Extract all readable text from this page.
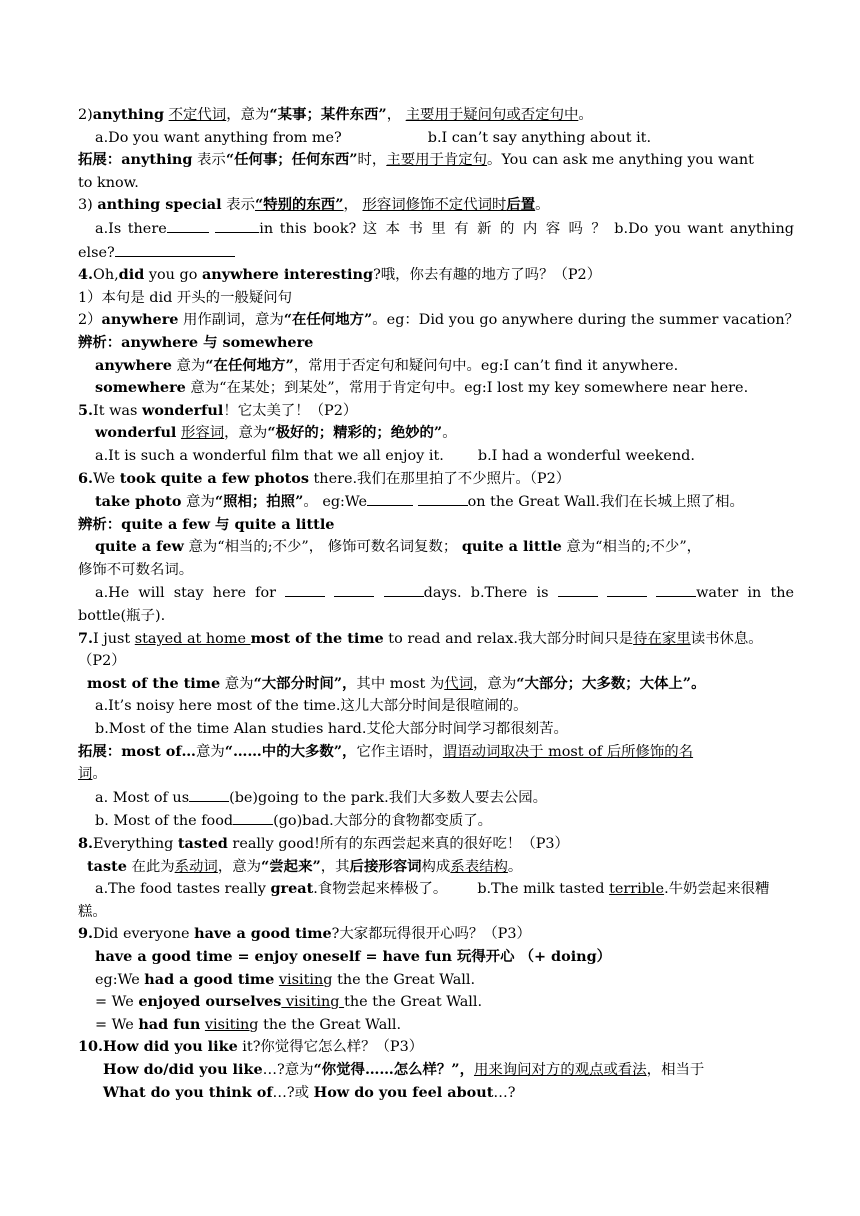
2)anything 不定代词，意为“某事；某件东西”， 主要用于疑问句或否定句中。
a.Do you want anything from me?	b.I can’t say anything about it.
拓展：anything 表示“任何事；任何东西”时，主要用于肯定句。You can ask me anything you want
to know.
3) anthing special 表示“特别的东西”， 形容词修饰不定代词时后置。
a.Is there	in this book? 这 本 书 里 有 新 的 内 容 吗 ？ b.Do you want anything
else?
4.Oh,did you go anywhere interesting?哦，你去有趣的地方了吗？（P2）
1）本句是 did 开头的一般疑问句
2）anywhere 用作副词，意为“在任何地方”。eg：Did you go anywhere during the summer vacation？
辨析：anywhere 与 somewhere
anywhere 意为“在任何地方”，常用于否定句和疑问句中。eg:I can’t find it anywhere.
somewhere 意为“在某处；到某处”，常用于肯定句中。eg:I lost my key somewhere near here.
5.It was wonderful！它太美了！（P2）
wonderful 形容词，意为“极好的；精彩的；绝妙的”。
a.It is such a wonderful film that we all enjoy it. b.I had a wonderful weekend.
6.We took quite a few photos there.我们在那里拍了不少照片。（P2）
take photo 意为“照相；拍照”。 eg:We	on the Great Wall.我们在长城上照了相。
辨析：quite a few 与 quite a little
quite a few 意为“相当的;不少”， 修饰可数名词复数； quite a little 意为“相当的;不少”，
修饰不可数名词。
a.He will stay here for	days. b.There is	water in the
bottle(瓶子).
7.I just stayed at home most of the time to read and relax.我大部分时间只是待在家里读书休息。
（P2）
most of the time 意为“大部分时间”，其中 most 为代词，意为“大部分；大多数；大体上”。
a.It’s noisy here most of the time.这儿大部分时间是很喧闹的。
b.Most of the time Alan studies hard.艾伦大部分时间学习都很刻苦。
拓展：most of…意为“……中的大多数”，它作主语时，谓语动词取决于 most of 后所修饰的名
词。
a. Most of us	(be)going to the park.我们大多数人要去公园。
b. Most of the food	(go)bad.大部分的食物都变质了。
8.Everything tasted really good!所有的东西尝起来真的很好吃！（P3）
taste 在此为系动词，意为“尝起来”，其后接形容词构成系表结构。
a.The food tastes really great.食物尝起来棒极了。 b.The milk tasted terrible.牛奶尝起来很糟
糕。
9.Did everyone have a good time?大家都玩得很开心吗？（P3）
have a good time = enjoy oneself = have fun 玩得开心 （+ doing）
eg:We had a good time visiting the the Great Wall.
= We enjoyed ourselves visiting the the Great Wall.
= We had fun visiting the the Great Wall.
10.How did you like it?你觉得它怎么样？（P3）
How do/did you like…?意为“你觉得……怎么样？”，用来询问对方的观点或看法，相当于
What do you think of…?或 How do you feel about…?
